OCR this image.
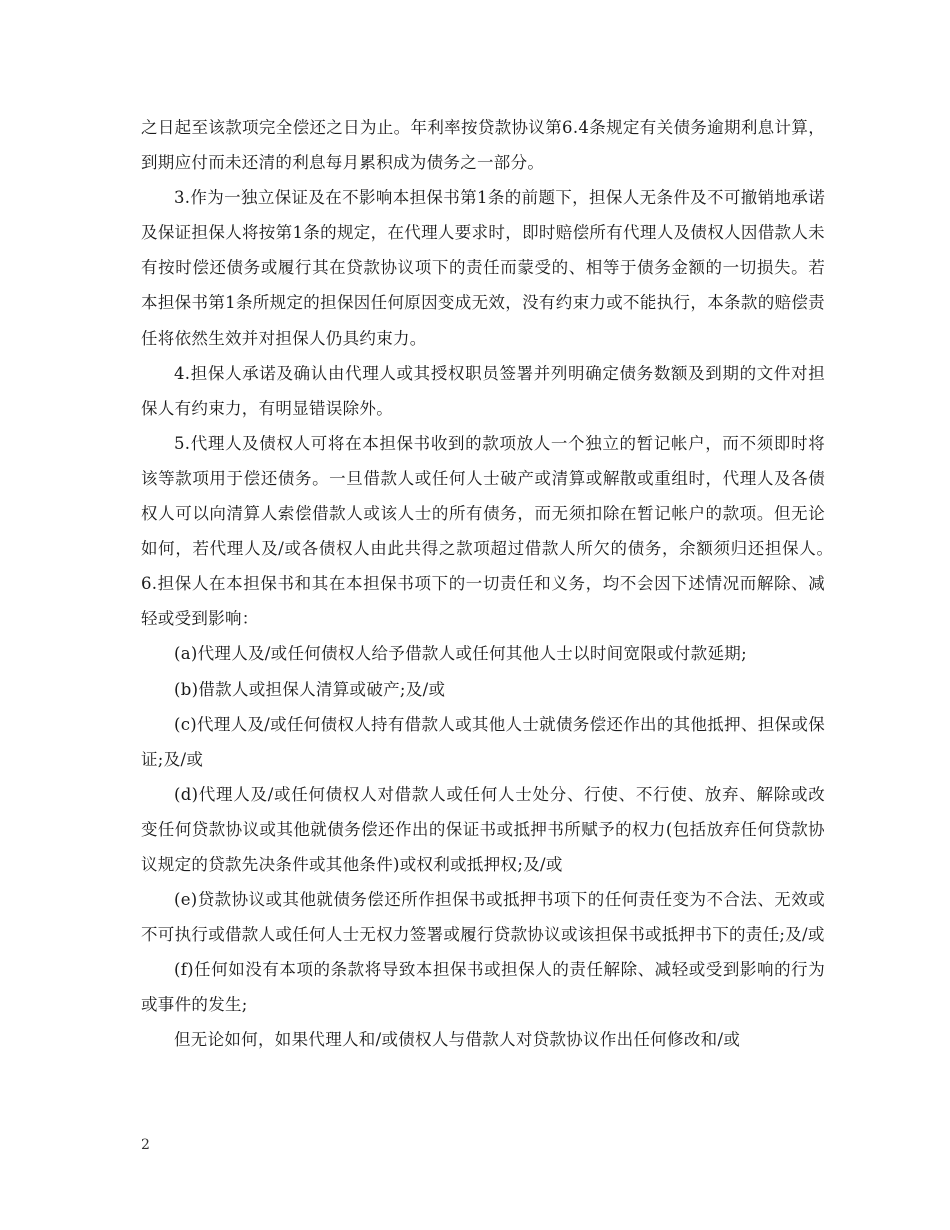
之日起至该款项完全偿还之日为止。年利率按贷款协议第6.4条规定有关债务逾期利息计算，到期应付而未还清的利息每月累积成为债务之一部分。

3.作为一独立保证及在不影响本担保书第1条的前题下，担保人无条件及不可撤销地承诺及保证担保人将按第1条的规定，在代理人要求时，即时赔偿所有代理人及债权人因借款人未有按时偿还债务或履行其在贷款协议项下的责任而蒙受的、相等于债务金额的一切损失。若本担保书第1条所规定的担保因任何原因变成无效，没有约束力或不能执行，本条款的赔偿责任将依然生效并对担保人仍具约束力。

4.担保人承诺及确认由代理人或其授权职员签署并列明确定债务数额及到期的文件对担保人有约束力，有明显错误除外。

5.代理人及债权人可将在本担保书收到的款项放人一个独立的暂记帐户，而不须即时将该等款项用于偿还债务。一旦借款人或任何人士破产或清算或解散或重组时，代理人及各债权人可以向清算人索偿借款人或该人士的所有债务，而无须扣除在暂记帐户的款项。但无论如何，若代理人及/或各债权人由此共得之款项超过借款人所欠的债务，余额须归还担保人。　6.担保人在本担保书和其在本担保书项下的一切责任和义务，均不会因下述情况而解除、减轻或受到影响：

(a)代理人及/或任何债权人给予借款人或任何其他人士以时间宽限或付款延期;

(b)借款人或担保人清算或破产;及/或

(c)代理人及/或任何债权人持有借款人或其他人士就债务偿还作出的其他抵押、担保或保证;及/或

(d)代理人及/或任何债权人对借款人或任何人士处分、行使、不行使、放弃、解除或改变任何贷款协议或其他就债务偿还作出的保证书或抵押书所赋予的权力(包括放弃任何贷款协议规定的贷款先决条件或其他条件)或权利或抵押权;及/或

(e)贷款协议或其他就债务偿还所作担保书或抵押书项下的任何责任变为不合法、无效或不可执行或借款人或任何人士无权力签署或履行贷款协议或该担保书或抵押书下的责任;及/或

(f)任何如没有本项的条款将导致本担保书或担保人的责任解除、减轻或受到影响的行为或事件的发生;

但无论如何，如果代理人和/或债权人与借款人对贷款协议作出任何修改和/或

2
